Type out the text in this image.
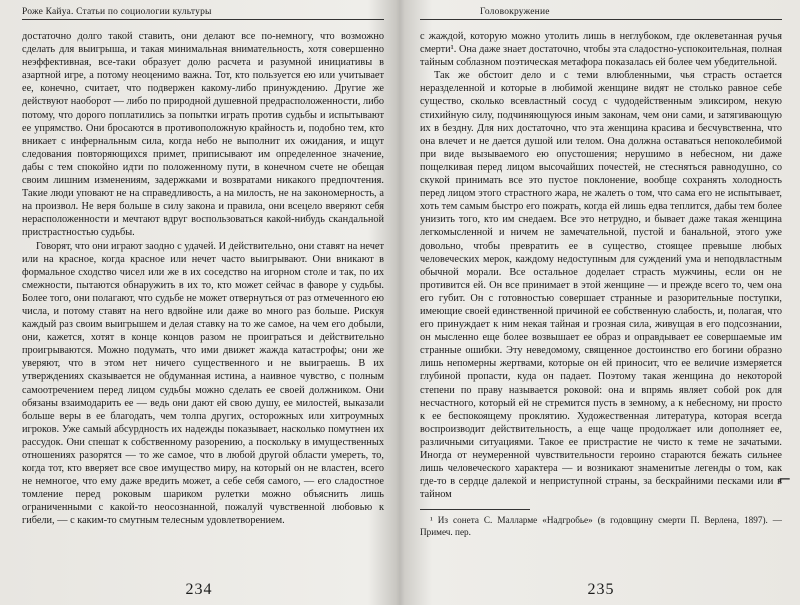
Роже Кайуа. Статьи по социологии культуры

достаточно долго такой ставить, они делают все по-немногу, что возможно сделать для выигрыша, и такая минимальная внимательность, хотя совершенно неэффективная, все-таки образует долю расчета и разумной инициативы в азартной игре, а потому неоценимо важна. Тот, кто пользуется ею или учитывает ее, конечно, считает, что подвержен какому-либо принуждению. Другие же действуют наоборот — либо по природной душевной предрасположенности, либо потому, что дорого поплатились за попытки играть против судьбы и испытывают ее упрямство. Они бросаются в противоположную крайность и, подобно тем, кто вникает с инфернальным сила, когда небо не выполнит их ожидания, и ищут следования повторяющихся примет, приписывают им определенное значение, дабы с тем спокойно идти по положенному пути, в конечном счете не обещая своим лишним изменениям, задержками и возвратами никакого предпочтения. Такие люди уповают не на справедливость, а на милость, не на закономерность, а на произвол. Не веря больше в силу закона и правила, они всецело вверяют себя нерасположенности и мечтают вдруг воспользоваться какой-нибудь скандальной пристрастностью судьбы.

Говорят, что они играют заодно с удачей. И действительно, они ставят на нечет или на красное, когда красное или нечет часто выигрывают. Они вникают в формальное сходство чисел или же в их соседство на игорном столе и так, по их смежности, пытаются обнаружить в их то, кто может сейчас в фаворе у судьбы. Более того, они полагают, что судьбе не может отвернуться от раз отмеченного ею числа, и потому ставят на него вдвойне или даже во много раз больше. Рискуя каждый раз своим выигрышем и делая ставку на то же самое, на чем его добыли, они, кажется, хотят в конце концов разом не проиграться и действительно проигрываются. Можно подумать, что ими движет жажда катастрофы; они же уверяют, что в этом нет ничего существенного и не выиграешь. В их утверждениях сказывается не обдуманная истина, а наивное чувство, с полным самоотречением перед лицом судьбы можно сделать ее своей должником. Они обязаны взаимодарить ее — ведь они дают ей свою душу, ее милостей, выказали больше веры в ее благодать, чем толпа других, осторожных или хитроумных игроков. Уже самый абсурдность их надежды показывает, насколько помутнен их рассудок. Они спешат к собственному разорению, а поскольку в имущественных отношениях разорятся — то же самое, что в любой другой области умереть, то, когда тот, кто вверяет все свое имущество миру, на который он не властен, всего не немногое, что ему даже вредить может, а себе себя самого, — его сладостное томление перед роковым шариком рулетки можно объяснить лишь ограниченными с какой-то неосознанной, пожалуй чувственной любовью к гибели, — с каким-то смутным телесным удовлетворением.

234
Головокружение

с жаждой, которую можно утолить лишь в неглубоком, где оклеветанная ручья смерти¹. Она даже знает достаточно, чтобы эта сладостно-успокоительная, полная тайным соблазном поэтическая метафора показалась ей более чем убедительной.

Так же обстоит дело и с теми влюбленными, чья страсть остается неразделенной и которые в любимой женщине видят не столько равное себе существо, сколько всевластный сосуд с чудодейственным эликсиром, некую стихийную силу, подчиняющуюся иным законам, чем они сами, и затягивающую их в бездну. Для них достаточно, что эта женщина красива и бесчувственна, что она влечет и не дается душой или телом. Она должна оставаться непоколебимой при виде вызываемого ею опустошения; нерушимо в небесном, ни даже пощелкивая перед лицом высочайших почестей, не стесняться равнодушно, со скукой принимать все это пустое поклонение, вообще сохранять холодность перед лицом этого страстного жара, не жалеть о том, что сама его не испытывает, хоть тем самым быстро его пожрать, когда ей лишь едва теплится, дабы тем более унизить того, кто им снедаем. Все это нетрудно, и бывает даже такая женщина легкомысленной и ничем не замечательной, пустой и банальной, этого уже довольно, чтобы превратить ее в существо, стоящее превыше любых человеческих мерок, каждому недоступным для суждений ума и неподвластным обычной морали. Все остальное доделает страсть мужчины, если он не противится ей. Он все принимает в этой женщине — и прежде всего то, чем она его губит. Он с готовностью совершает странные и разорительные поступки, имеющие своей единственной причиной ее собственную слабость, и, полагая, что его принуждает к ним некая тайная и грозная сила, живущая в его подсознании, он мысленно еще более возвышает ее образ и оправдывает ее совершаемые им странные ошибки. Эту неведомому, священное достоинство его богини образно лишь непомерны жертвами, которые он ей приносит, что ее величие измеряется глубиной пропасти, куда он падает. Поэтому такая женщина до некоторой степени по праву называется роковой: она и впрямь являет собой рок для несчастного, который ей не стремится пусть в земному, а к небесному, ни просто к ее беспокоящему проклятию. Художественная литература, которая всегда воспроизводит действительность, а еще чаще продолжает или дополняет ее, различными ситуациями. Такое ее пристрастие не чисто к теме не зачатыми. Иногда от неумеренной чувствительности героино стараются бежать сильнее лишь человеческого характера — и возникают знаменитые легенды о том, как где-то в сердце далекой и неприступной страны, за бескрайними песками или в тайном

¹ Из сонета С. Малларме «Надгробье» (в годовщину смерти П. Верлена, 1897). — Примеч. пер.
235
⌐
